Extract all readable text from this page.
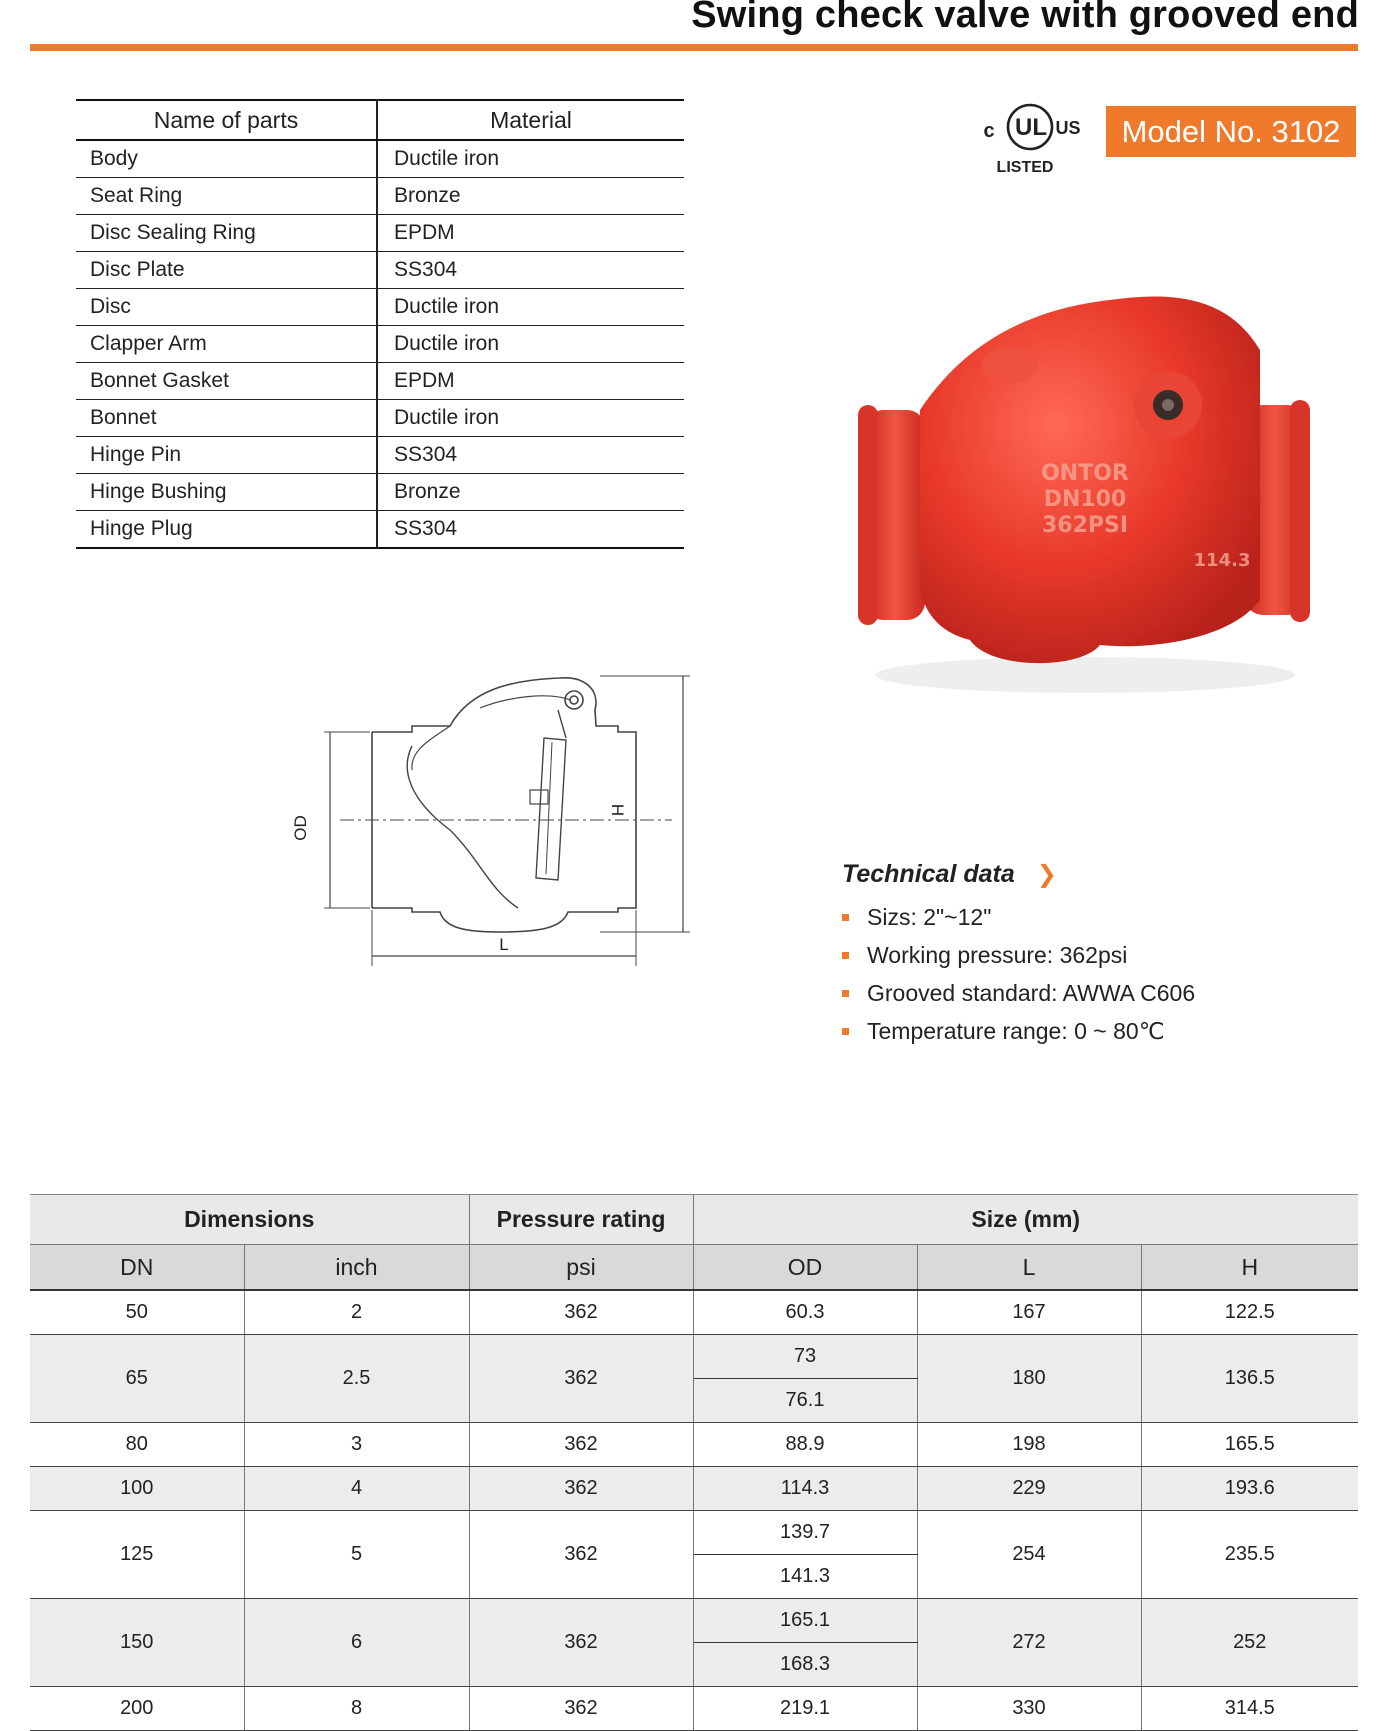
Swing check valve with grooved end
Name of parts	Material
Body	Ductile iron
Seat Ring	Bronze
Disc Sealing Ring	EPDM
Disc Plate	SS304
Disc	Ductile iron
Clapper Arm	Ductile iron
Bonnet Gasket	EPDM
Bonnet	Ductile iron
Hinge Pin	SS304
Hinge Bushing	Bronze
Hinge Plug	SS304
UL
c	US
LISTED
Model No. 3102
ONTOR
DN100
362PSI
114.3
OD
H
L
Technical data ❯
Sizs: 2"~12"
Working pressure: 362psi
Grooved standard: AWWA C606
Temperature range: 0 ~ 80℃
Dimensions		Pressure rating	Size (mm)		
DN	inch	psi	OD	L	H
50	2	362	60.3	167	122.5
65	2.5	362	73	180	136.5
			76.1		
80	3	362	88.9	198	165.5
100	4	362	114.3	229	193.6
125	5	362	139.7	254	235.5
			141.3		
150	6	362	165.1	272	252
			168.3		
200	8	362	219.1	330	314.5
